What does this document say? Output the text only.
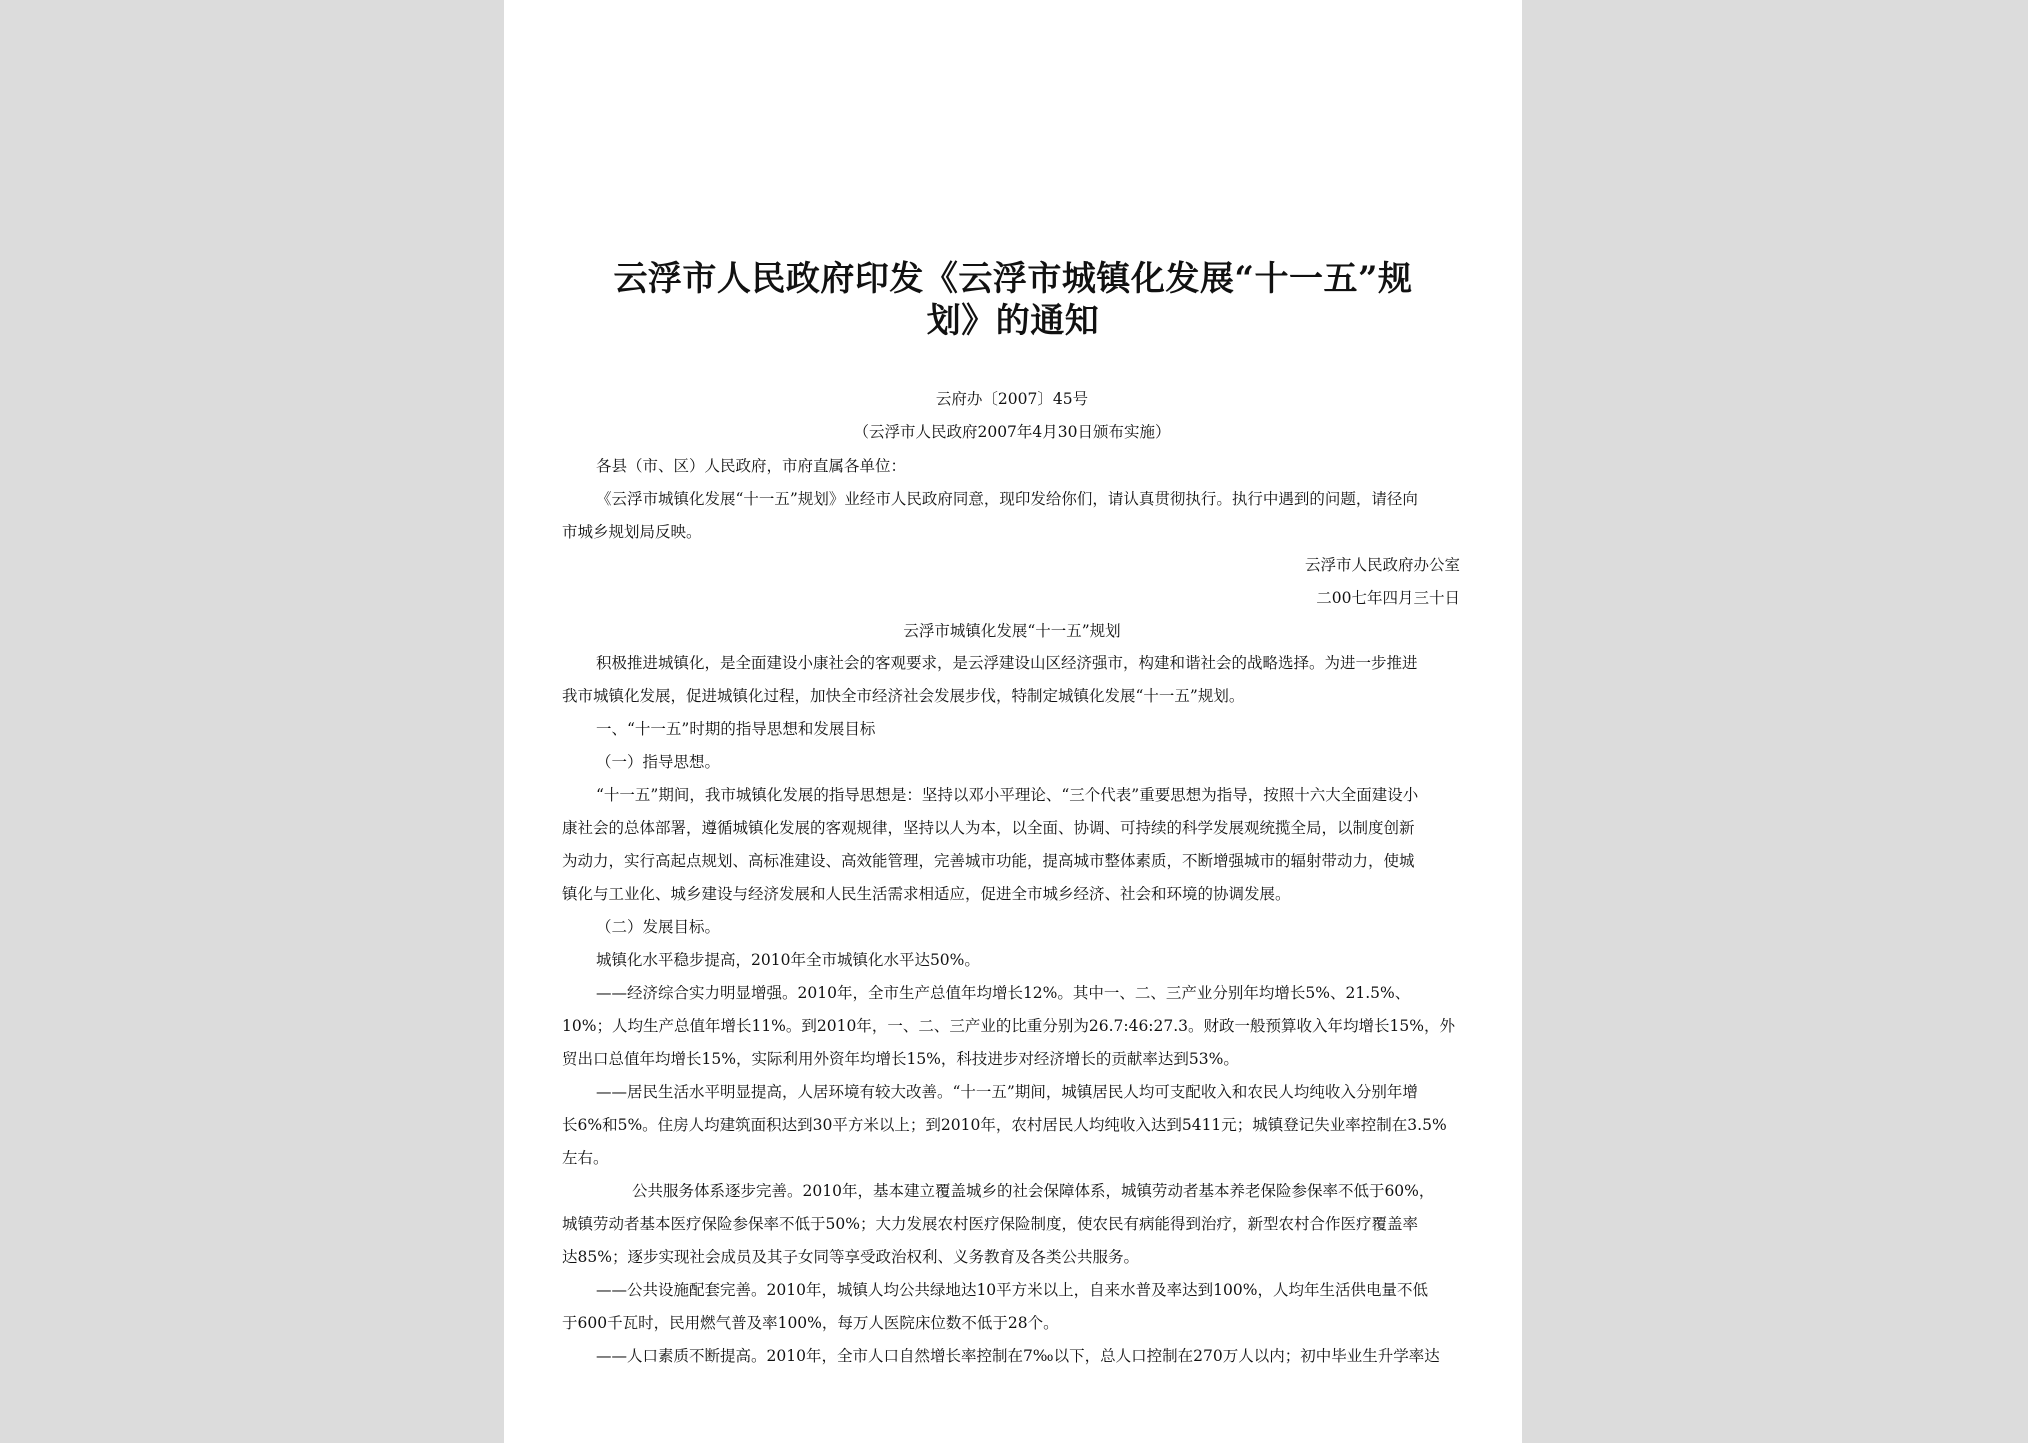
云浮市人民政府印发《云浮市城镇化发展“十一五”规
划》的通知
云府办〔2007〕45号
（云浮市人民政府2007年4月30日颁布实施）
各县（市、区）人民政府，市府直属各单位：
《云浮市城镇化发展“十一五”规划》业经市人民政府同意，现印发给你们，请认真贯彻执行。执行中遇到的问题，请径向
市城乡规划局反映。
云浮市人民政府办公室
二00七年四月三十日
云浮市城镇化发展“十一五”规划
积极推进城镇化，是全面建设小康社会的客观要求，是云浮建设山区经济强市，构建和谐社会的战略选择。为进一步推进
我市城镇化发展，促进城镇化过程，加快全市经济社会发展步伐，特制定城镇化发展“十一五”规划。
一、“十一五”时期的指导思想和发展目标
（一）指导思想。
“十一五”期间，我市城镇化发展的指导思想是：坚持以邓小平理论、“三个代表”重要思想为指导，按照十六大全面建设小
康社会的总体部署，遵循城镇化发展的客观规律，坚持以人为本，以全面、协调、可持续的科学发展观统揽全局，以制度创新
为动力，实行高起点规划、高标准建设、高效能管理，完善城市功能，提高城市整体素质，不断增强城市的辐射带动力，使城
镇化与工业化、城乡建设与经济发展和人民生活需求相适应，促进全市城乡经济、社会和环境的协调发展。
（二）发展目标。
城镇化水平稳步提高，2010年全市城镇化水平达50%。
——经济综合实力明显增强。2010年，全市生产总值年均增长12%。其中一、二、三产业分别年均增长5%、21.5%、
10%；人均生产总值年增长11%。到2010年，一、二、三产业的比重分别为26.7:46:27.3。财政一般预算收入年均增长15%，外
贸出口总值年均增长15%，实际利用外资年均增长15%，科技进步对经济增长的贡献率达到53%。
——居民生活水平明显提高，人居环境有较大改善。“十一五”期间，城镇居民人均可支配收入和农民人均纯收入分别年增
长6%和5%。住房人均建筑面积达到30平方米以上；到2010年，农村居民人均纯收入达到5411元；城镇登记失业率控制在3.5%
左右。
公共服务体系逐步完善。2010年，基本建立覆盖城乡的社会保障体系，城镇劳动者基本养老保险参保率不低于60%，
城镇劳动者基本医疗保险参保率不低于50%；大力发展农村医疗保险制度，使农民有病能得到治疗，新型农村合作医疗覆盖率
达85%；逐步实现社会成员及其子女同等享受政治权利、义务教育及各类公共服务。
——公共设施配套完善。2010年，城镇人均公共绿地达10平方米以上，自来水普及率达到100%，人均年生活供电量不低
于600千瓦时，民用燃气普及率100%，每万人医院床位数不低于28个。
——人口素质不断提高。2010年，全市人口自然增长率控制在7‰以下，总人口控制在270万人以内；初中毕业生升学率达
